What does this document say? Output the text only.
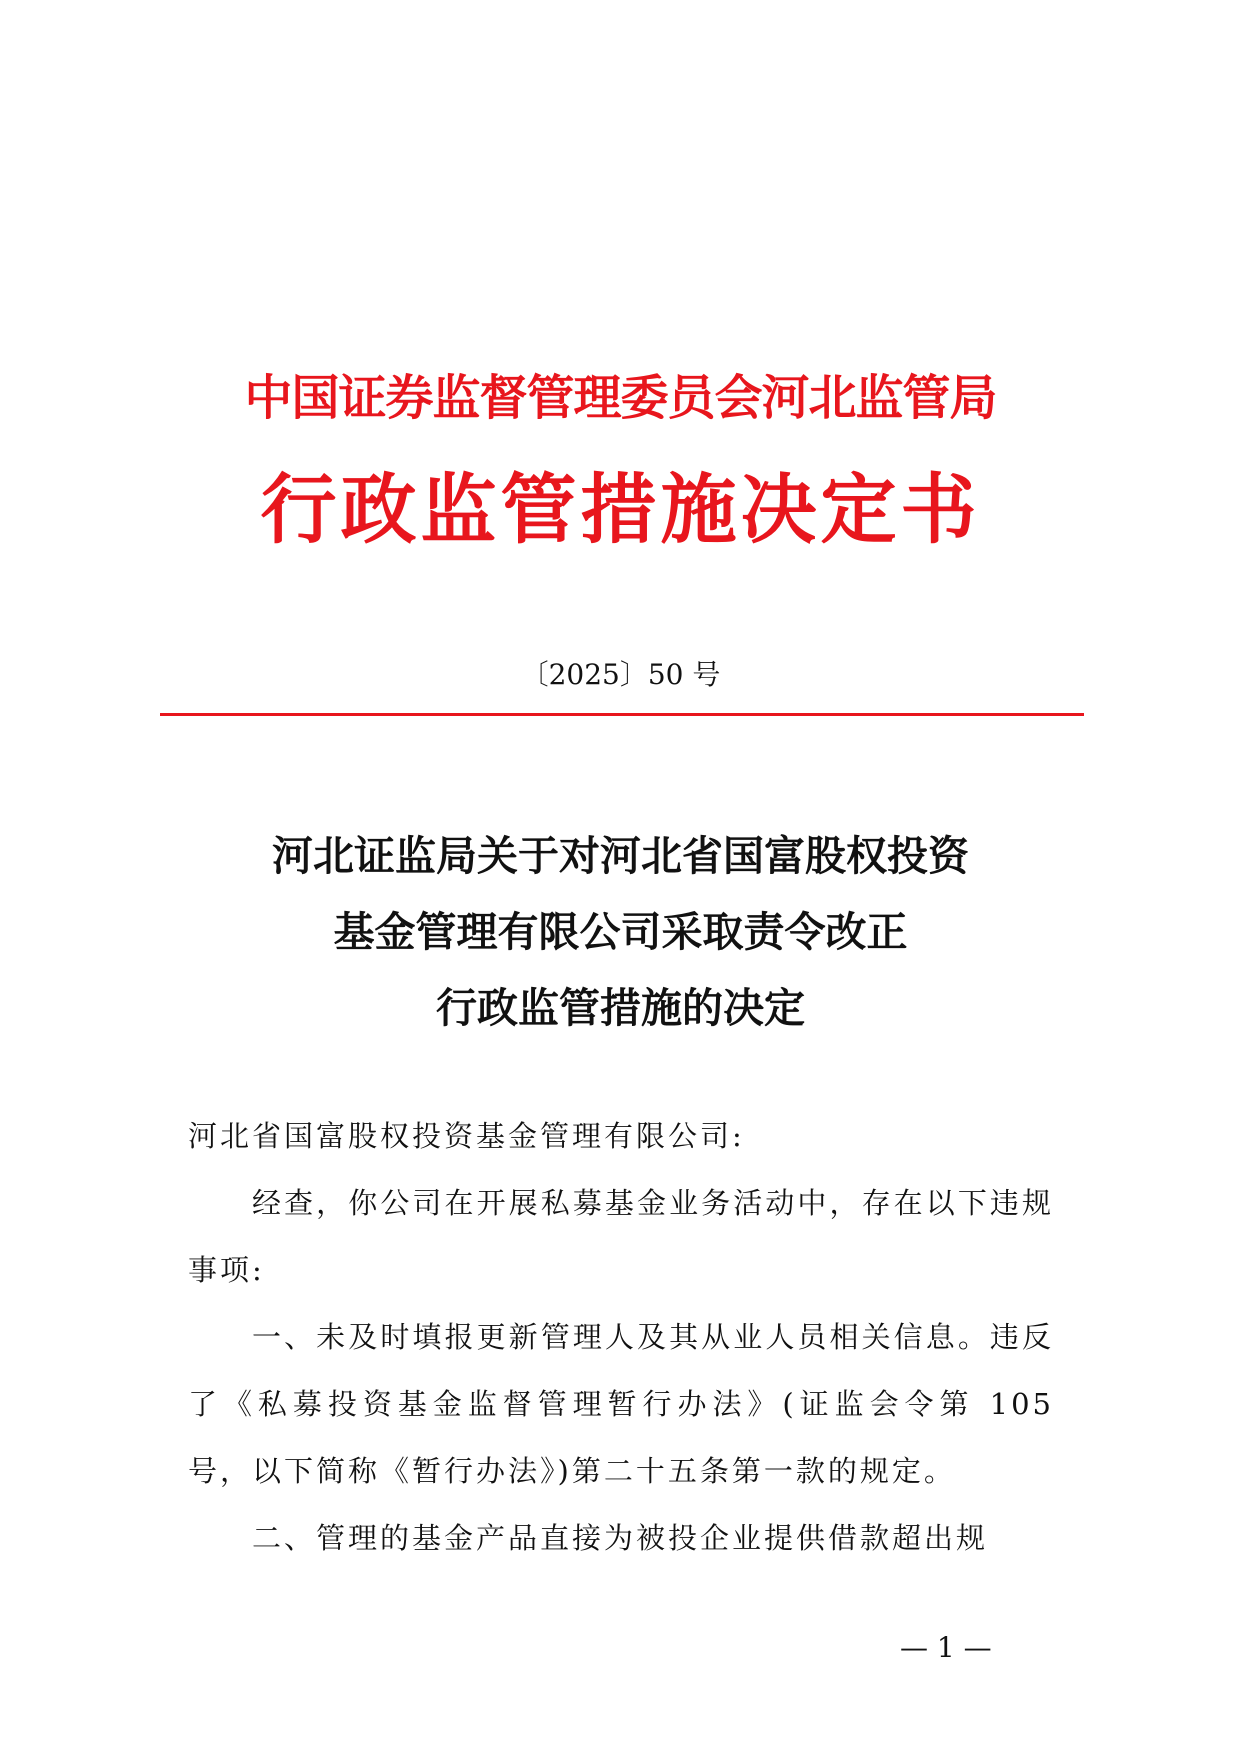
中国证券监督管理委员会河北监管局
行政监管措施决定书
〔2025〕50 号
河北证监局关于对河北省国富股权投资
基金管理有限公司采取责令改正
行政监管措施的决定

河北省国富股权投资基金管理有限公司:

经查，你公司在开展私募基金业务活动中，存在以下违规事项:

一、未及时填报更新管理人及其从业人员相关信息。违反了《私募投资基金监督管理暂行办法》(证监会令第 105 号，以下简称《暂行办法》)第二十五条第一款的规定。

二、管理的基金产品直接为被投企业提供借款超出规

— 1 —
